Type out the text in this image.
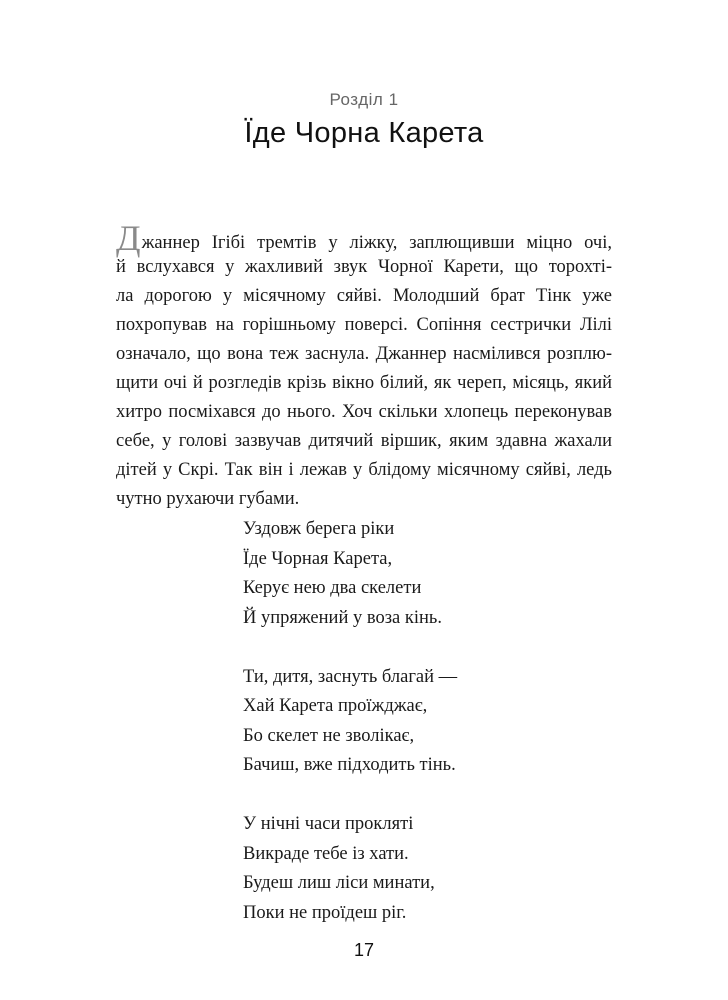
Розділ 1
Їде Чорна Карета
Джаннер Ігібі тремтів у ліжку, заплющивши міцно очі,
й вслухався у жахливий звук Чорної Карети, що торохті-
ла дорогою у місячному сяйві. Молодший брат Тінк уже
похропував на горішньому поверсі. Сопіння сестрички Лілі
означало, що вона теж заснула. Джаннер насмілився розплю-
щити очі й розгледів крізь вікно білий, як череп, місяць, який
хитро посміхався до нього. Хоч скільки хлопець переконував
себе, у голові зазвучав дитячий віршик, яким здавна жахали
дітей у Скрі. Так він і лежав у блідому місячному сяйві, ледь
чутно рухаючи губами.
Уздовж берега ріки
Їде Чорная Карета,
Керує нею два скелети
Й упряжений у воза кінь.
Ти, дитя, заснуть благай —
Хай Карета проїжджає,
Бо скелет не зволікає,
Бачиш, вже підходить тінь.
У нічні часи прокляті
Викраде тебе із хати.
Будеш лиш ліси минати,
Поки не проїдеш ріг.
17
